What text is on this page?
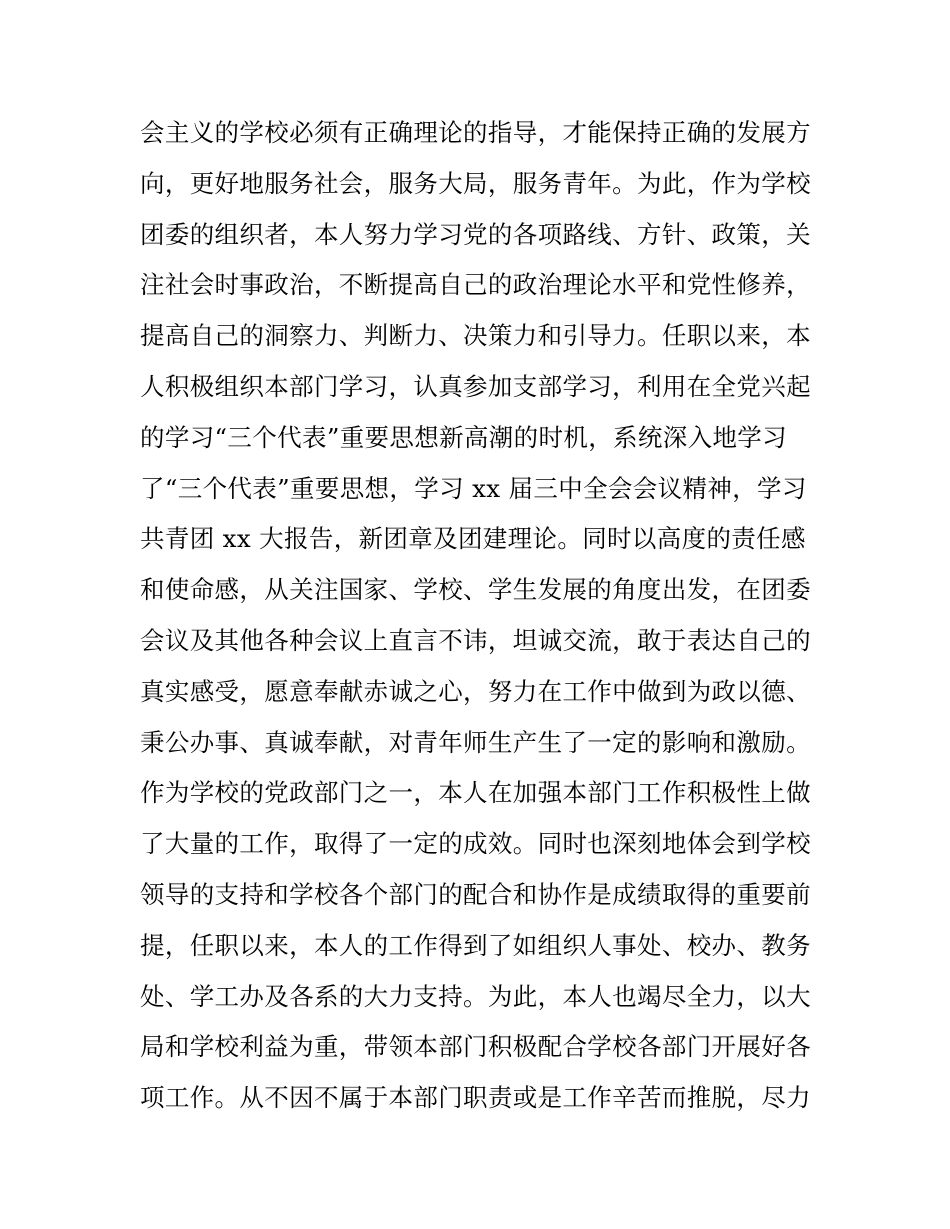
会主义的学校必须有正确理论的指导，才能保持正确的发展方
向，更好地服务社会，服务大局，服务青年。为此，作为学校
团委的组织者，本人努力学习党的各项路线、方针、政策，关
注社会时事政治，不断提高自己的政治理论水平和党性修养，
提高自己的洞察力、判断力、决策力和引导力。任职以来，本
人积极组织本部门学习，认真参加支部学习，利用在全党兴起
的学习“三个代表”重要思想新高潮的时机，系统深入地学习
了“三个代表”重要思想，学习 xx 届三中全会会议精神，学习
共青团 xx 大报告，新团章及团建理论。同时以高度的责任感
和使命感，从关注国家、学校、学生发展的角度出发，在团委
会议及其他各种会议上直言不讳，坦诚交流，敢于表达自己的
真实感受，愿意奉献赤诚之心，努力在工作中做到为政以德、
秉公办事、真诚奉献，对青年师生产生了一定的影响和激励。
作为学校的党政部门之一，本人在加强本部门工作积极性上做
了大量的工作，取得了一定的成效。同时也深刻地体会到学校
领导的支持和学校各个部门的配合和协作是成绩取得的重要前
提，任职以来，本人的工作得到了如组织人事处、校办、教务
处、学工办及各系的大力支持。为此，本人也竭尽全力，以大
局和学校利益为重，带领本部门积极配合学校各部门开展好各
项工作。从不因不属于本部门职责或是工作辛苦而推脱，尽力
